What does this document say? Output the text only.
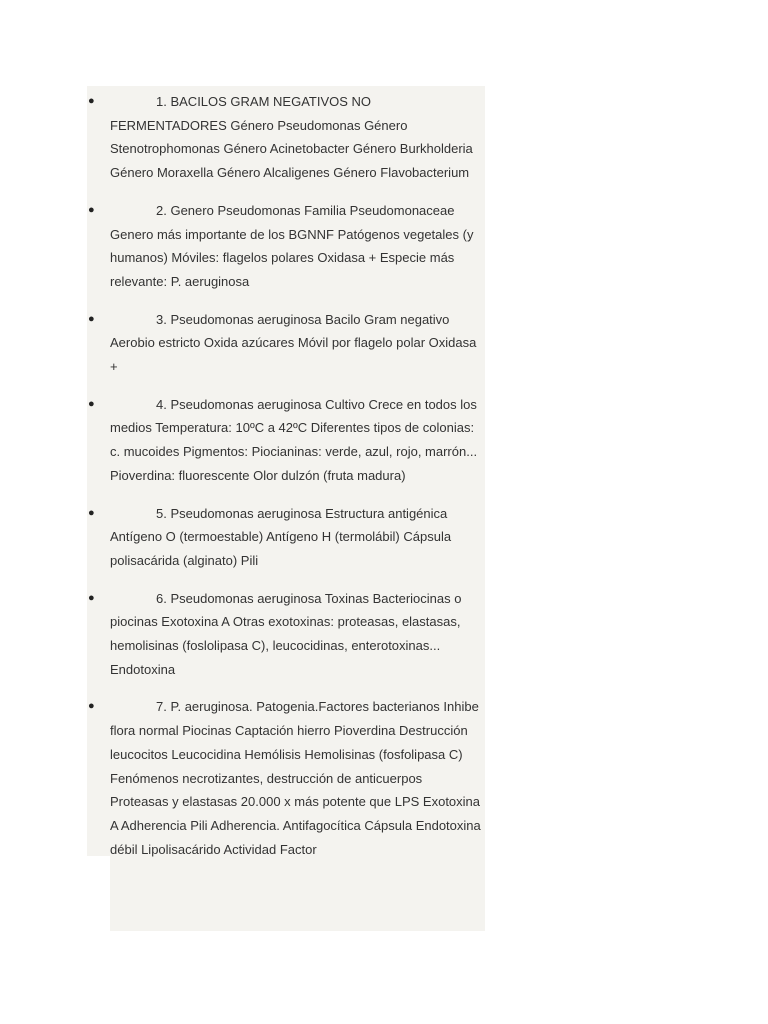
●	1. BACILOS GRAM NEGATIVOS NO FERMENTADORES Género Pseudomonas Género Stenotrophomonas Género Acinetobacter Género Burkholderia Género Moraxella Género Alcaligenes Género Flavobacterium
●	2. Genero Pseudomonas Familia Pseudomonaceae Genero más importante de los BGNNF Patógenos vegetales (y humanos) Móviles: flagelos polares Oxidasa + Especie más relevante: P. aeruginosa
●	3. Pseudomonas aeruginosa Bacilo Gram negativo Aerobio estricto Oxida azúcares Móvil por flagelo polar Oxidasa +
●	4. Pseudomonas aeruginosa Cultivo Crece en todos los medios Temperatura: 10ºC a 42ºC Diferentes tipos de colonias: c. mucoides Pigmentos: Piocianinas: verde, azul, rojo, marrón... Pioverdina: fluorescente Olor dulzón (fruta madura)
●	5. Pseudomonas aeruginosa Estructura antigénica Antígeno O (termoestable) Antígeno H (termolábil) Cápsula polisacárida (alginato) Pili
●	6. Pseudomonas aeruginosa Toxinas Bacteriocinas o piocinas Exotoxina A Otras exotoxinas: proteasas, elastasas, hemolisinas (foslolipasa C), leucocidinas, enterotoxinas... Endotoxina
●	7. P. aeruginosa. Patogenia.Factores bacterianos Inhibe flora normal Piocinas Captación hierro Pioverdina Destrucción leucocitos Leucocidina Hemólisis Hemolisinas (fosfolipasa C) Fenómenos necrotizantes, destrucción de anticuerpos Proteasas y elastasas 20.000 x más potente que LPS Exotoxina A Adherencia Pili Adherencia. Antifagocítica Cápsula Endotoxina débil Lipolisacárido Actividad Factor
